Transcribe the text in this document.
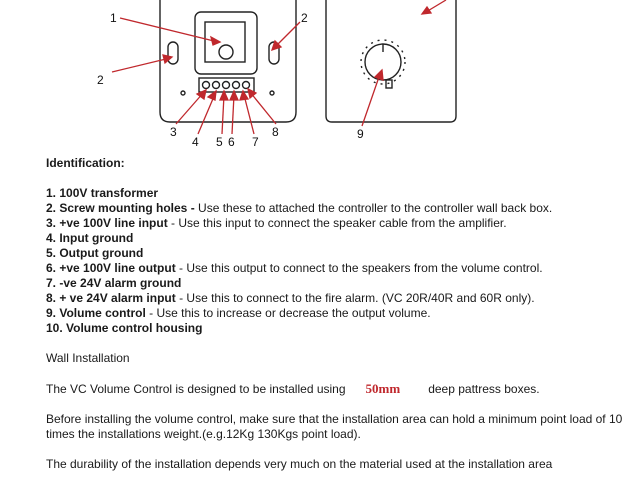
1	2
2
3
4 5 6 7
8	9

Identification:

1. 100V transformer

2. Screw mounting holes - Use these to attached the controller to the controller wall back box.

3. +ve 100V line input - Use this input to connect the speaker cable from the amplifier.

4. Input ground

5. Output ground

6. +ve 100V line output - Use this output to connect to the speakers from the volume control.

7. -ve 24V alarm ground

8. + ve 24V alarm input - Use this to connect to the fire alarm. (VC 20R/40R and 60R only).

9. Volume control - Use this to increase or decrease the output volume.

10. Volume control housing

Wall Installation

The VC Volume Control is designed to be installed using 50mm deep pattress boxes.

Before installing the volume control, make sure that the installation area can hold a minimum point load of 10 times the installations weight.(e.g.12Kg 130Kgs point load).

The durability of the installation depends very much on the material used at the installation area
